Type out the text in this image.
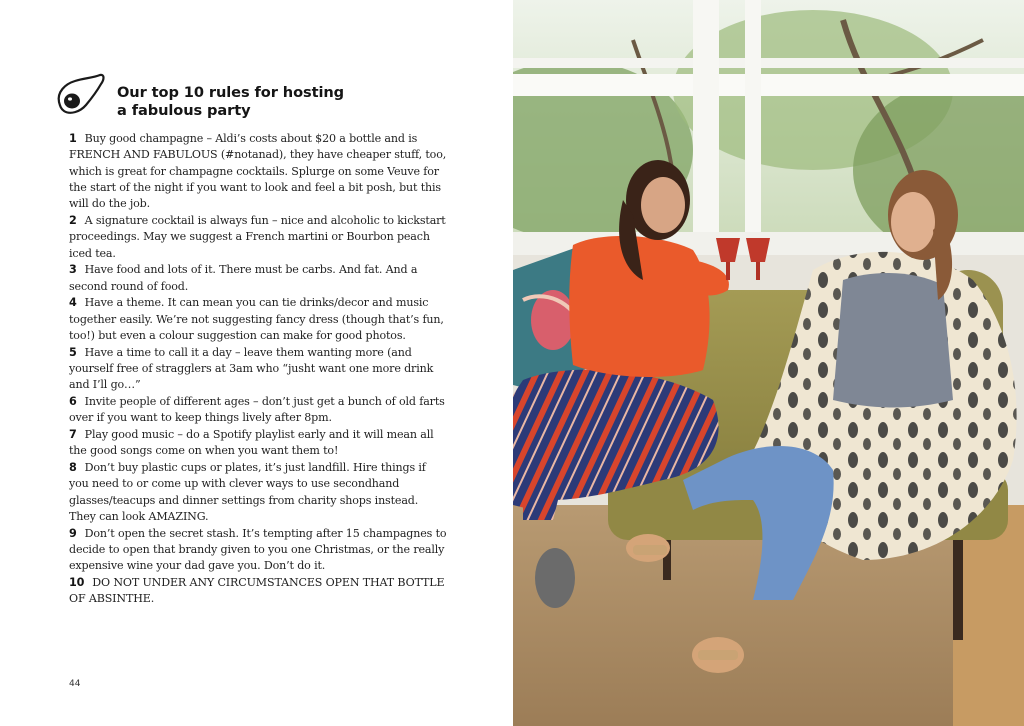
Our top 10 rules for hosting
a fabulous party
1 Buy good champagne – Aldi’s costs about $20 a bottle and is FRENCH AND FABULOUS (#notanad), they have cheaper stuff, too, which is great for champagne cocktails. Splurge on some Veuve for the start of the night if you want to look and feel a bit posh, but this will do the job.
2 A signature cocktail is always fun – nice and alcoholic to kickstart proceedings. May we suggest a French martini or Bourbon peach iced tea.
3 Have food and lots of it. There must be carbs. And fat. And a second round of food.
4 Have a theme. It can mean you can tie drinks/decor and music together easily. We’re not suggesting fancy dress (though that’s fun, too!) but even a colour suggestion can make for good photos.
5 Have a time to call it a day – leave them wanting more (and yourself free of stragglers at 3am who “jusht want one more drink and I’ll go…”
6 Invite people of different ages – don’t just get a bunch of old farts over if you want to keep things lively after 8pm.
7 Play good music – do a Spotify playlist early and it will mean all the good songs come on when you want them to!
8 Don’t buy plastic cups or plates, it’s just landfill. Hire things if you need to or come up with clever ways to use secondhand glasses/teacups and dinner settings from charity shops instead. They can look AMAZING.
9 Don’t open the secret stash. It’s tempting after 15 champagnes to decide to open that brandy given to you one Christmas, or the really expensive wine your dad gave you. Don’t do it.
10 DO NOT UNDER ANY CIRCUMSTANCES OPEN THAT BOTTLE OF ABSINTHE.
44
